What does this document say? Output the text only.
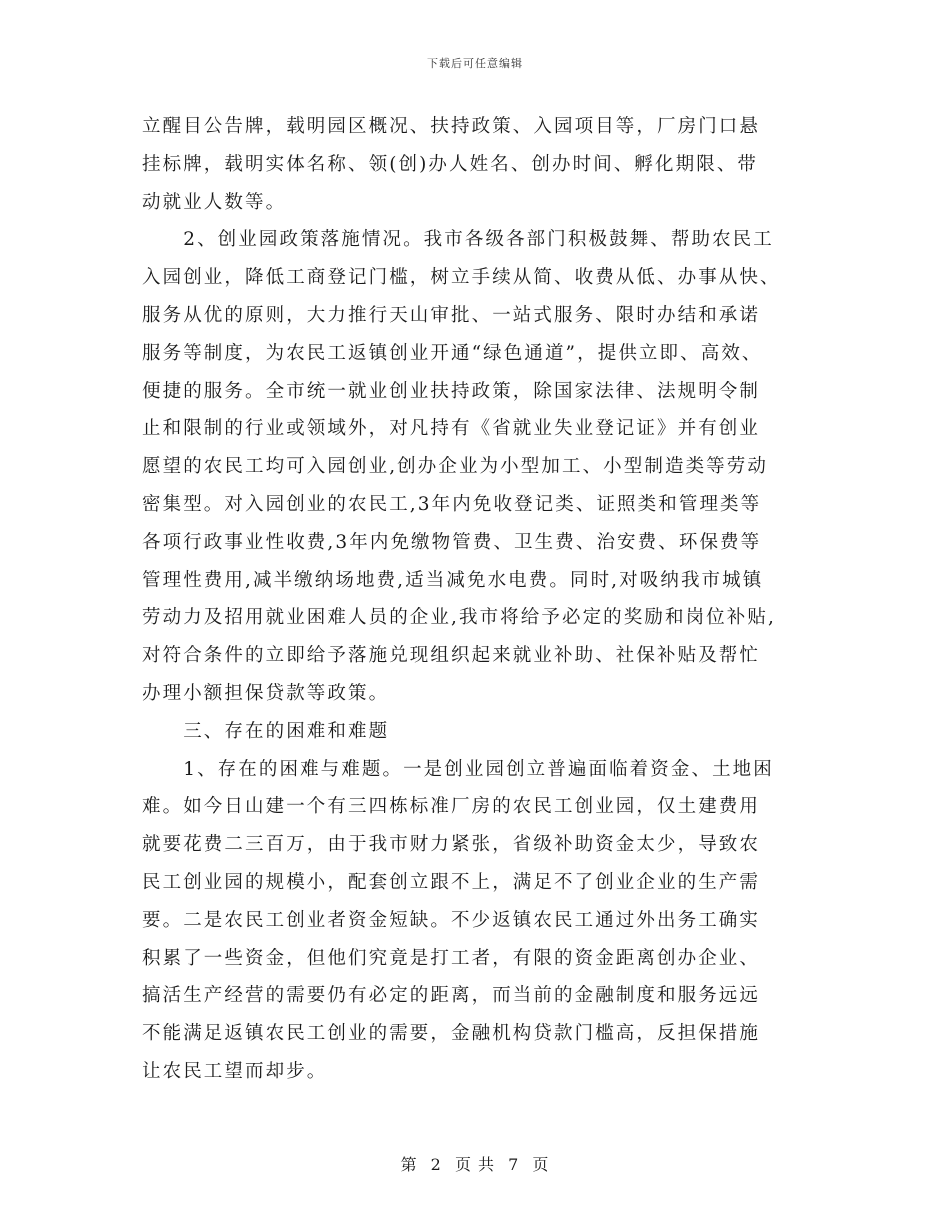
下载后可任意编辑
立醒目公告牌，载明园区概况、扶持政策、入园项目等，厂房门口悬
挂标牌，载明实体名称、领(创)办人姓名、创办时间、孵化期限、带
动就业人数等。
　　2、创业园政策落施情况。我市各级各部门积极鼓舞、帮助农民工
入园创业，降低工商登记门槛，树立手续从简、收费从低、办事从快、
服务从优的原则，大力推行天山审批、一站式服务、限时办结和承诺
服务等制度，为农民工返镇创业开通“绿色通道”，提供立即、高效、
便捷的服务。全市统一就业创业扶持政策，除国家法律、法规明令制
止和限制的行业或领域外，对凡持有《省就业失业登记证》并有创业
愿望的农民工均可入园创业,创办企业为小型加工、小型制造类等劳动
密集型。对入园创业的农民工,3年内免收登记类、证照类和管理类等
各项行政事业性收费,3年内免缴物管费、卫生费、治安费、环保费等
管理性费用,减半缴纳场地费,适当减免水电费。同时,对吸纳我市城镇
劳动力及招用就业困难人员的企业,我市将给予必定的奖励和岗位补贴,
对符合条件的立即给予落施兑现组织起来就业补助、社保补贴及帮忙
办理小额担保贷款等政策。
　　三、存在的困难和难题
　　1、存在的困难与难题。一是创业园创立普遍面临着资金、土地困
难。如今日山建一个有三四栋标准厂房的农民工创业园，仅土建费用
就要花费二三百万，由于我市财力紧张，省级补助资金太少，导致农
民工创业园的规模小，配套创立跟不上，满足不了创业企业的生产需
要。二是农民工创业者资金短缺。不少返镇农民工通过外出务工确实
积累了一些资金，但他们究竟是打工者，有限的资金距离创办企业、
搞活生产经营的需要仍有必定的距离，而当前的金融制度和服务远远
不能满足返镇农民工创业的需要，金融机构贷款门槛高，反担保措施
让农民工望而却步。
第 2 页 共 7 页
